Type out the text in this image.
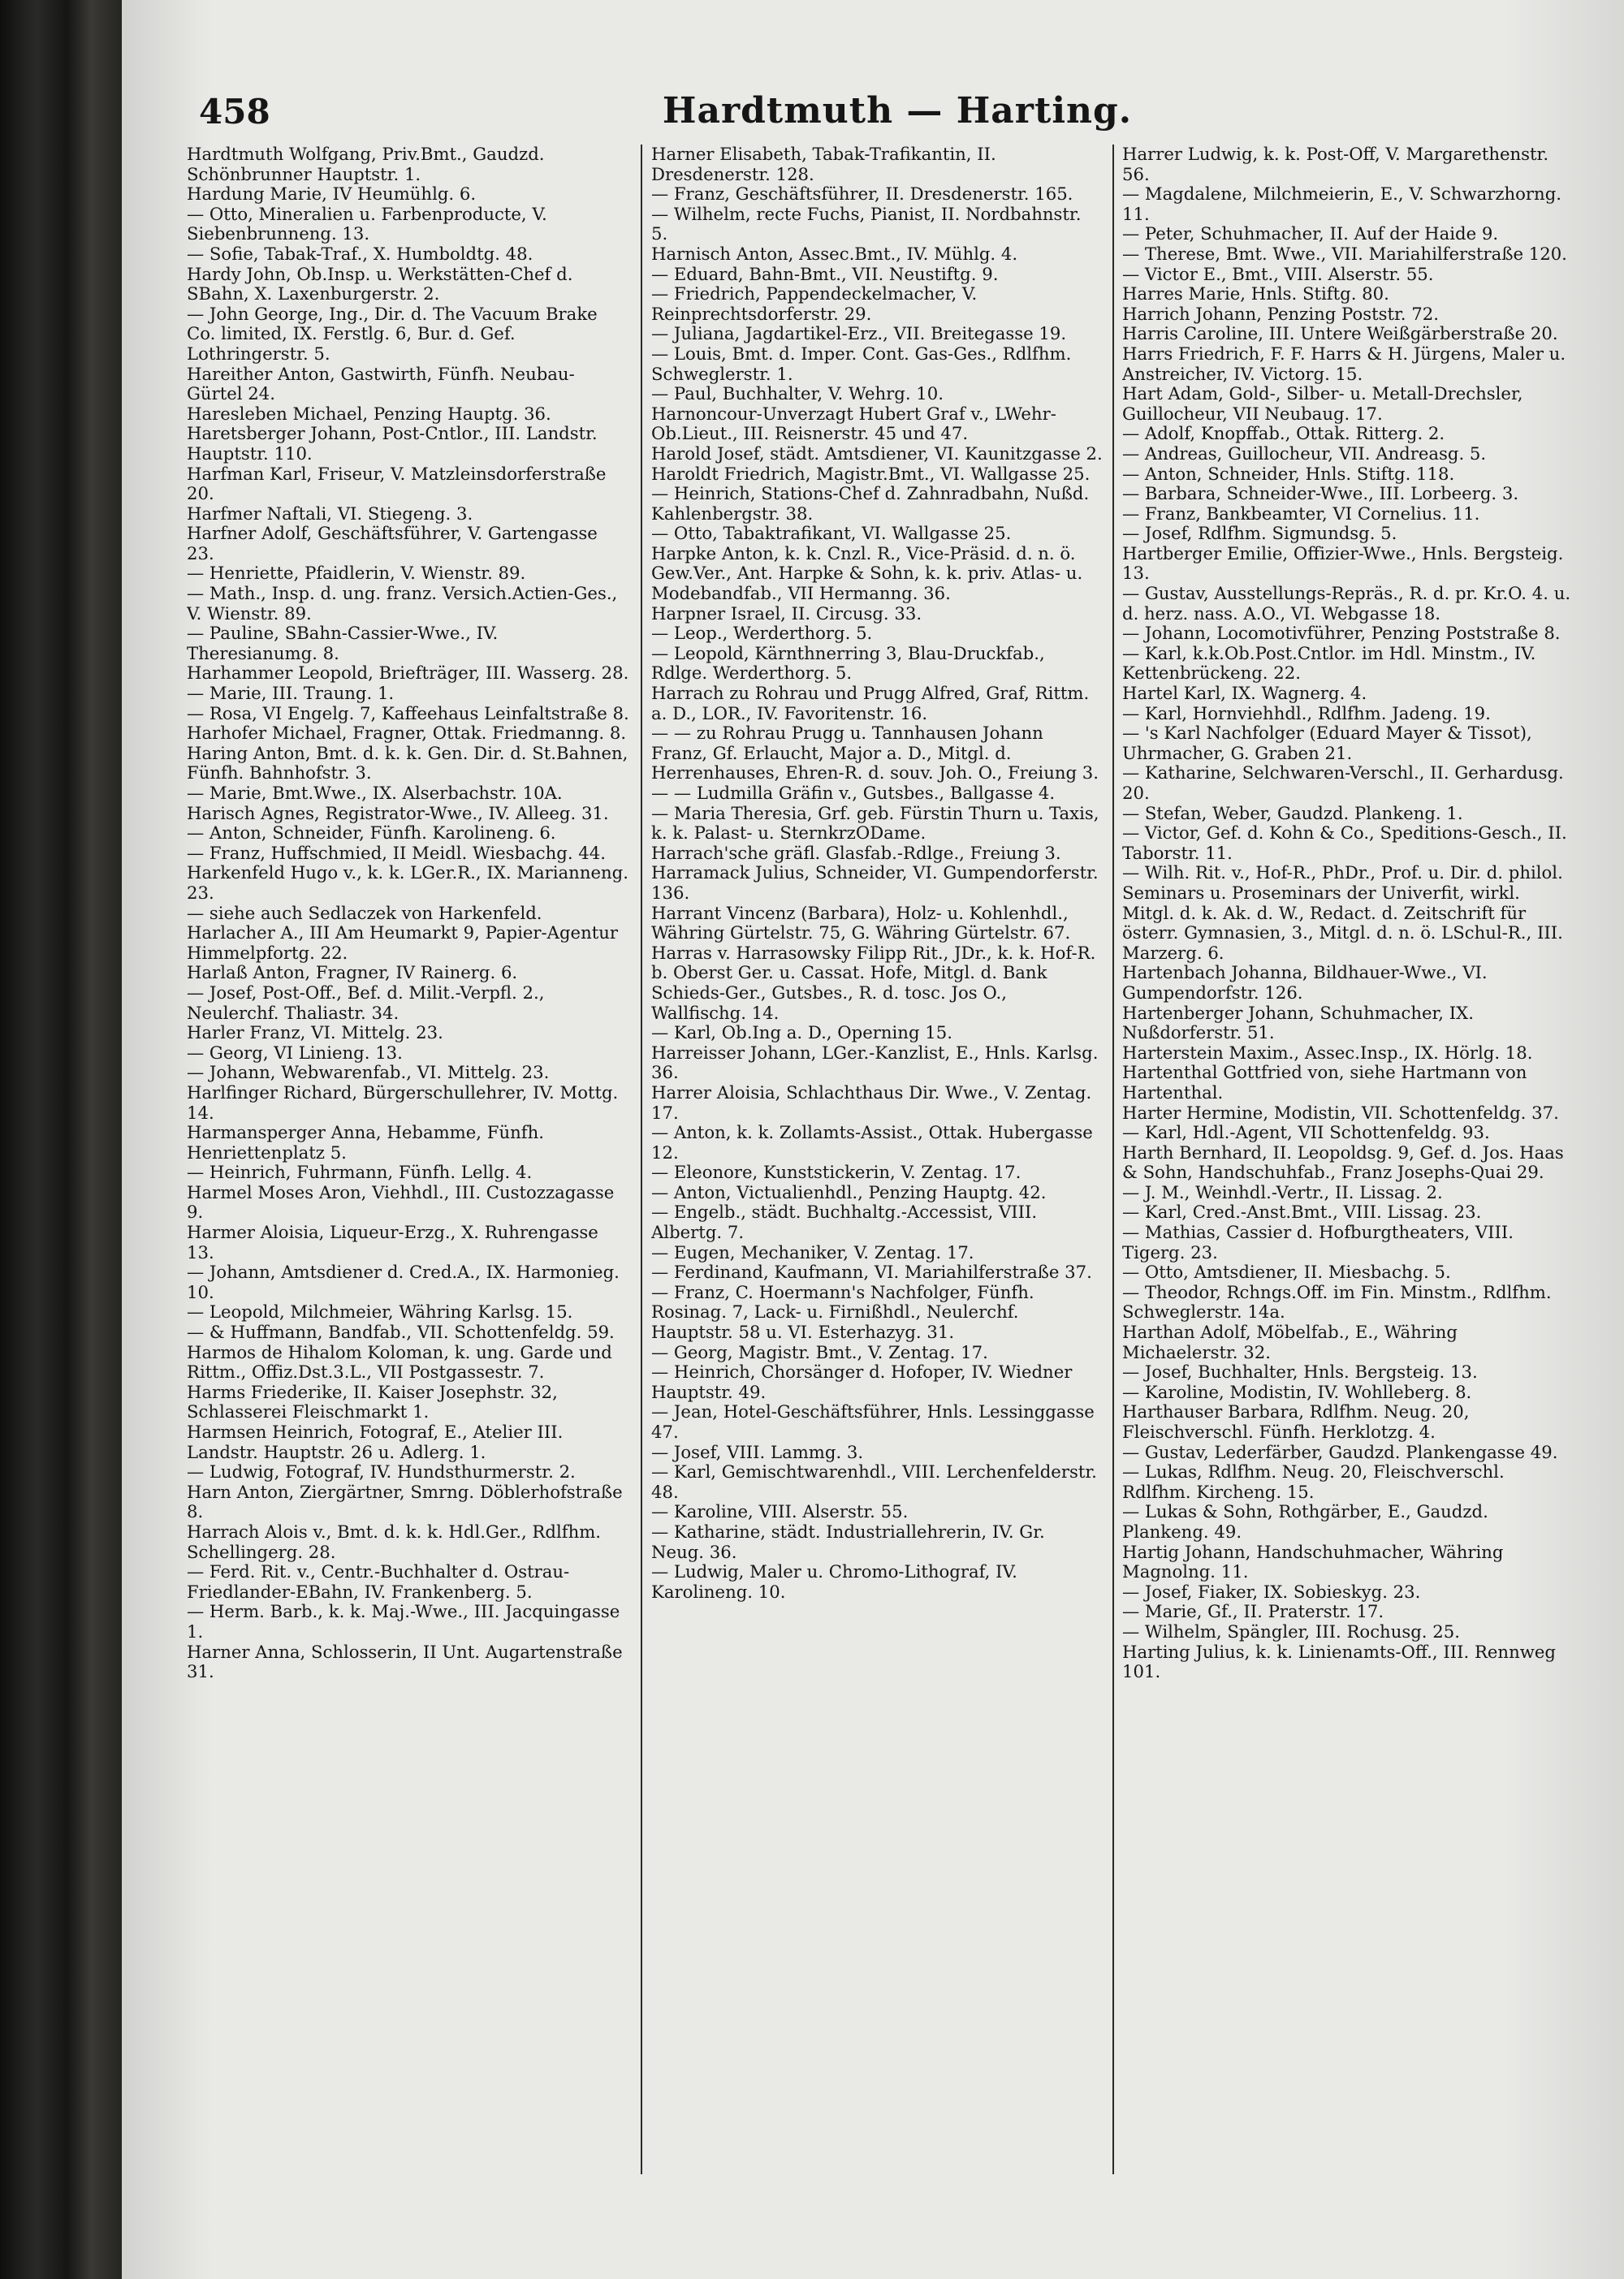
458	Hardtmuth — Harting.

Hardtmuth Wolfgang, Priv.Bmt., Gaudzd. Schönbrunner Hauptstr. 1.

Hardung Marie, IV Heumühlg. 6.

— Otto, Mineralien u. Farbenproducte, V. Siebenbrunneng. 13.

— Sofie, Tabak-Traf., X. Humboldtg. 48.

Hardy John, Ob.Insp. u. Werkstätten-Chef d. SBahn, X. Laxenburgerstr. 2.

— John George, Ing., Dir. d. The Vacuum Brake Co. limited, IX. Ferstlg. 6, Bur. d. Gef. Lothringerstr. 5.

Hareither Anton, Gastwirth, Fünfh. Neubau-Gürtel 24.

Haresleben Michael, Penzing Hauptg. 36.

Haretsberger Johann, Post-Cntlor., III. Landstr. Hauptstr. 110.

Harfman Karl, Friseur, V. Matzleinsdorferstraße 20.

Harfmer Naftali, VI. Stiegeng. 3.

Harfner Adolf, Geschäftsführer, V. Gartengasse 23.

— Henriette, Pfaidlerin, V. Wienstr. 89.

— Math., Insp. d. ung. franz. Versich.Actien-Ges., V. Wienstr. 89.

— Pauline, SBahn-Cassier-Wwe., IV. Theresianumg. 8.

Harhammer Leopold, Briefträger, III. Wasserg. 28.

— Marie, III. Traung. 1.

— Rosa, VI Engelg. 7, Kaffeehaus Leinfaltstraße 8.

Harhofer Michael, Fragner, Ottak. Friedmanng. 8.

Haring Anton, Bmt. d. k. k. Gen. Dir. d. St.Bahnen, Fünfh. Bahnhofstr. 3.

— Marie, Bmt.Wwe., IX. Alserbachstr. 10A.

Harisch Agnes, Registrator-Wwe., IV. Alleeg. 31.

— Anton, Schneider, Fünfh. Karolineng. 6.

— Franz, Huffschmied, II Meidl. Wiesbachg. 44.

Harkenfeld Hugo v., k. k. LGer.R., IX. Marianneng. 23.

— siehe auch Sedlaczek von Harkenfeld.

Harlacher A., III Am Heumarkt 9, Papier-Agentur Himmelpfortg. 22.

Harlaß Anton, Fragner, IV Rainerg. 6.

— Josef, Post-Off., Bef. d. Milit.-Verpfl. 2., Neulerchf. Thaliastr. 34.

Harler Franz, VI. Mittelg. 23.

— Georg, VI Linieng. 13.

— Johann, Webwarenfab., VI. Mittelg. 23.

Harlfinger Richard, Bürgerschullehrer, IV. Mottg. 14.

Harmansperger Anna, Hebamme, Fünfh. Henriettenplatz 5.

— Heinrich, Fuhrmann, Fünfh. Lellg. 4.

Harmel Moses Aron, Viehhdl., III. Custozzagasse 9.

Harmer Aloisia, Liqueur-Erzg., X. Ruhrengasse 13.

— Johann, Amtsdiener d. Cred.A., IX. Harmonieg. 10.

— Leopold, Milchmeier, Währing Karlsg. 15.

— & Huffmann, Bandfab., VII. Schottenfeldg. 59.

Harmos de Hihalom Koloman, k. ung. Garde und Rittm., Offiz.Dst.3.L., VII Postgassestr. 7.

Harms Friederike, II. Kaiser Josephstr. 32, Schlasserei Fleischmarkt 1.

Harmsen Heinrich, Fotograf, E., Atelier III. Landstr. Hauptstr. 26 u. Adlerg. 1.

— Ludwig, Fotograf, IV. Hundsthurmerstr. 2.

Harn Anton, Ziergärtner, Smrng. Döblerhofstraße 8.

Harrach Alois v., Bmt. d. k. k. Hdl.Ger., Rdlfhm. Schellingerg. 28.

— Ferd. Rit. v., Centr.-Buchhalter d. Ostrau-Friedlander-EBahn, IV. Frankenberg. 5.

— Herm. Barb., k. k. Maj.-Wwe., III. Jacquingasse 1.

Harner Anna, Schlosserin, II Unt. Augartenstraße 31.

Harner Elisabeth, Tabak-Trafikantin, II. Dresdenerstr. 128.

— Franz, Geschäftsführer, II. Dresdenerstr. 165.

— Wilhelm, recte Fuchs, Pianist, II. Nordbahnstr. 5.

Harnisch Anton, Assec.Bmt., IV. Mühlg. 4.

— Eduard, Bahn-Bmt., VII. Neustiftg. 9.

— Friedrich, Pappendeckelmacher, V. Reinprechtsdorferstr. 29.

— Juliana, Jagdartikel-Erz., VII. Breitegasse 19.

— Louis, Bmt. d. Imper. Cont. Gas-Ges., Rdlfhm. Schweglerstr. 1.

— Paul, Buchhalter, V. Wehrg. 10.

Harnoncour-Unverzagt Hubert Graf v., LWehr-Ob.Lieut., III. Reisnerstr. 45 und 47.

Harold Josef, städt. Amtsdiener, VI. Kaunitzgasse 2.

Haroldt Friedrich, Magistr.Bmt., VI. Wallgasse 25.

— Heinrich, Stations-Chef d. Zahnradbahn, Nußd. Kahlenbergstr. 38.

— Otto, Tabaktrafikant, VI. Wallgasse 25.

Harpke Anton, k. k. Cnzl. R., Vice-Präsid. d. n. ö. Gew.Ver., Ant. Harpke & Sohn, k. k. priv. Atlas- u. Modebandfab., VII Hermanng. 36.

Harpner Israel, II. Circusg. 33.

— Leop., Werderthorg. 5.

— Leopold, Kärnthnerring 3, Blau-Druckfab., Rdlge. Werderthorg. 5.

Harrach zu Rohrau und Prugg Alfred, Graf, Rittm. a. D., LOR., IV. Favoritenstr. 16.

— — zu Rohrau Prugg u. Tannhausen Johann Franz, Gf. Erlaucht, Major a. D., Mitgl. d. Herrenhauses, Ehren-R. d. souv. Joh. O., Freiung 3.

— — Ludmilla Gräfin v., Gutsbes., Ballgasse 4.

— Maria Theresia, Grf. geb. Fürstin Thurn u. Taxis, k. k. Palast- u. SternkrzODame.

Harrach'sche gräfl. Glasfab.-Rdlge., Freiung 3.

Harramack Julius, Schneider, VI. Gumpendorferstr. 136.

Harrant Vincenz (Barbara), Holz- u. Kohlenhdl., Währing Gürtelstr. 75, G. Währing Gürtelstr. 67.

Harras v. Harrasowsky Filipp Rit., JDr., k. k. Hof-R. b. Oberst Ger. u. Cassat. Hofe, Mitgl. d. Bank Schieds-Ger., Gutsbes., R. d. tosc. Jos O., Wallfischg. 14.

— Karl, Ob.Ing a. D., Operning 15.

Harreisser Johann, LGer.-Kanzlist, E., Hnls. Karlsg. 36.

Harrer Aloisia, Schlachthaus Dir. Wwe., V. Zentag. 17.

— Anton, k. k. Zollamts-Assist., Ottak. Hubergasse 12.

— Eleonore, Kunststickerin, V. Zentag. 17.

— Anton, Victualienhdl., Penzing Hauptg. 42.

— Engelb., städt. Buchhaltg.-Accessist, VIII. Albertg. 7.

— Eugen, Mechaniker, V. Zentag. 17.

— Ferdinand, Kaufmann, VI. Mariahilferstraße 37.

— Franz, C. Hoermann's Nachfolger, Fünfh. Rosinag. 7, Lack- u. Firnißhdl., Neulerchf. Hauptstr. 58 u. VI. Esterhazyg. 31.

— Georg, Magistr. Bmt., V. Zentag. 17.

— Heinrich, Chorsänger d. Hofoper, IV. Wiedner Hauptstr. 49.

— Jean, Hotel-Geschäftsführer, Hnls. Lessinggasse 47.

— Josef, VIII. Lammg. 3.

— Karl, Gemischtwarenhdl., VIII. Lerchenfelderstr. 48.

— Karoline, VIII. Alserstr. 55.

— Katharine, städt. Industriallehrerin, IV. Gr. Neug. 36.

— Ludwig, Maler u. Chromo-Lithograf, IV. Karolineng. 10.

Harrer Ludwig, k. k. Post-Off, V. Margarethenstr. 56.

— Magdalene, Milchmeierin, E., V. Schwarzhorng. 11.

— Peter, Schuhmacher, II. Auf der Haide 9.

— Therese, Bmt. Wwe., VII. Mariahilferstraße 120.

— Victor E., Bmt., VIII. Alserstr. 55.

Harres Marie, Hnls. Stiftg. 80.

Harrich Johann, Penzing Poststr. 72.

Harris Caroline, III. Untere Weißgärberstraße 20.

Harrs Friedrich, F. F. Harrs & H. Jürgens, Maler u. Anstreicher, IV. Victorg. 15.

Hart Adam, Gold-, Silber- u. Metall-Drechsler, Guillocheur, VII Neubaug. 17.

— Adolf, Knopffab., Ottak. Ritterg. 2.

— Andreas, Guillocheur, VII. Andreasg. 5.

— Anton, Schneider, Hnls. Stiftg. 118.

— Barbara, Schneider-Wwe., III. Lorbeerg. 3.

— Franz, Bankbeamter, VI Cornelius. 11.

— Josef, Rdlfhm. Sigmundsg. 5.

Hartberger Emilie, Offizier-Wwe., Hnls. Bergsteig. 13.

— Gustav, Ausstellungs-Repräs., R. d. pr. Kr.O. 4. u. d. herz. nass. A.O., VI. Webgasse 18.

— Johann, Locomotivführer, Penzing Poststraße 8.

— Karl, k.k.Ob.Post.Cntlor. im Hdl. Minstm., IV. Kettenbrückeng. 22.

Hartel Karl, IX. Wagnerg. 4.

— Karl, Hornviehhdl., Rdlfhm. Jadeng. 19.

— 's Karl Nachfolger (Eduard Mayer & Tissot), Uhrmacher, G. Graben 21.

— Katharine, Selchwaren-Verschl., II. Gerhardusg. 20.

— Stefan, Weber, Gaudzd. Plankeng. 1.

— Victor, Gef. d. Kohn & Co., Speditions-Gesch., II. Taborstr. 11.

— Wilh. Rit. v., Hof-R., PhDr., Prof. u. Dir. d. philol. Seminars u. Proseminars der Univerfit, wirkl. Mitgl. d. k. Ak. d. W., Redact. d. Zeitschrift für österr. Gymnasien, 3., Mitgl. d. n. ö. LSchul-R., III. Marzerg. 6.

Hartenbach Johanna, Bildhauer-Wwe., VI. Gumpendorfstr. 126.

Hartenberger Johann, Schuhmacher, IX. Nußdorferstr. 51.

Harterstein Maxim., Assec.Insp., IX. Hörlg. 18.

Hartenthal Gottfried von, siehe Hartmann von Hartenthal.

Harter Hermine, Modistin, VII. Schottenfeldg. 37.

— Karl, Hdl.-Agent, VII Schottenfeldg. 93.

Harth Bernhard, II. Leopoldsg. 9, Gef. d. Jos. Haas & Sohn, Handschuhfab., Franz Josephs-Quai 29.

— J. M., Weinhdl.-Vertr., II. Lissag. 2.

— Karl, Cred.-Anst.Bmt., VIII. Lissag. 23.

— Mathias, Cassier d. Hofburgtheaters, VIII. Tigerg. 23.

— Otto, Amtsdiener, II. Miesbachg. 5.

— Theodor, Rchngs.Off. im Fin. Minstm., Rdlfhm. Schweglerstr. 14a.

Harthan Adolf, Möbelfab., E., Währing Michaelerstr. 32.

— Josef, Buchhalter, Hnls. Bergsteig. 13.

— Karoline, Modistin, IV. Wohlleberg. 8.

Harthauser Barbara, Rdlfhm. Neug. 20, Fleischverschl. Fünfh. Herklotzg. 4.

— Gustav, Lederfärber, Gaudzd. Plankengasse 49.

— Lukas, Rdlfhm. Neug. 20, Fleischverschl. Rdlfhm. Kircheng. 15.

— Lukas & Sohn, Rothgärber, E., Gaudzd. Plankeng. 49.

Hartig Johann, Handschuhmacher, Währing Magnolng. 11.

— Josef, Fiaker, IX. Sobieskyg. 23.

— Marie, Gf., II. Praterstr. 17.

— Wilhelm, Spängler, III. Rochusg. 25.

Harting Julius, k. k. Linienamts-Off., III. Rennweg 101.
